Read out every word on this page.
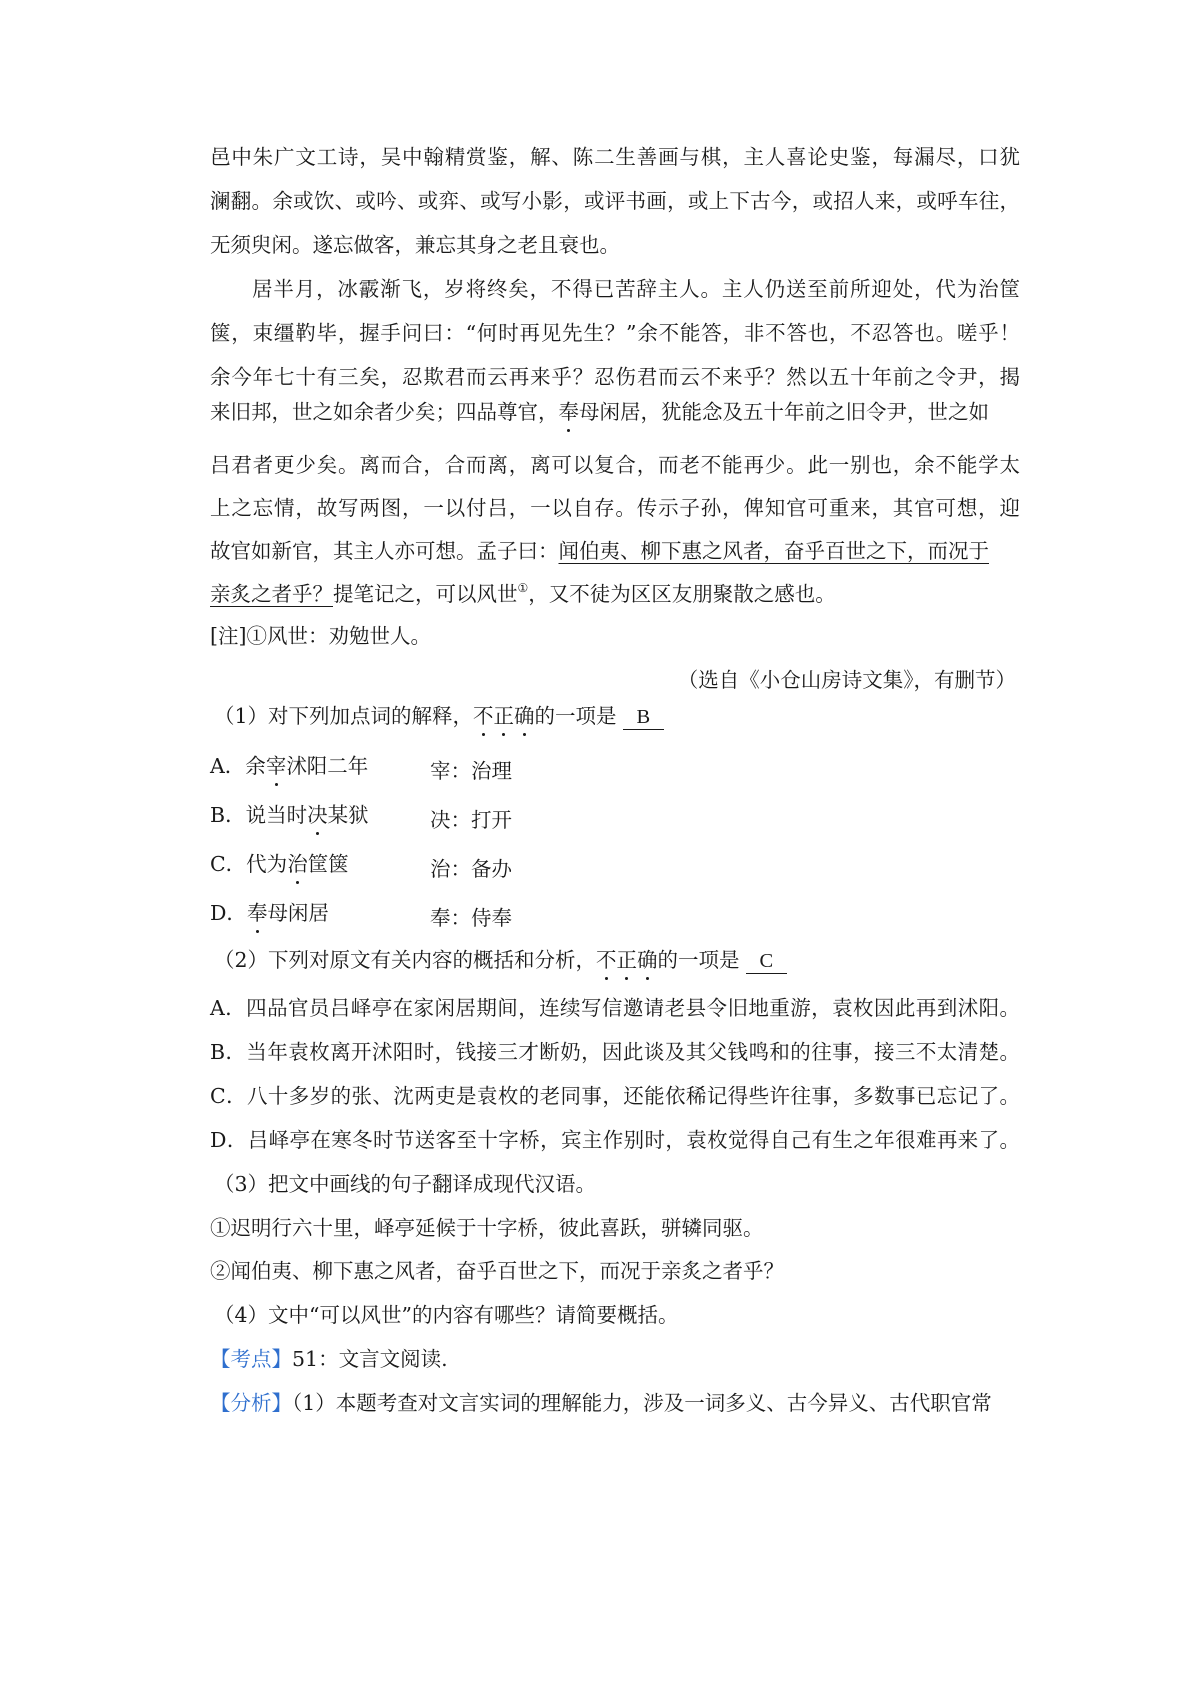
邑中朱广文工诗，吴中翰精赏鉴，解、陈二生善画与棋，主人喜论史鉴，每漏尽，口犹
澜翻。余或饮、或吟、或弈、或写小影，或评书画，或上下古今，或招人来，或呼车往，
无须臾闲。遂忘做客，兼忘其身之老且衰也。
居半月，冰霰渐飞，岁将终矣，不得已苦辞主人。主人仍送至前所迎处，代为治筐
箧，束缰靮毕，握手问曰：“何时再见先生？”余不能答，非不答也，不忍答也。嗟乎！
余今年七十有三矣，忍欺君而云再来乎？忍伤君而云不来乎？然以五十年前之令尹，揭
来旧邦，世之如余者少矣；四品尊官，奉母闲居，犹能念及五十年前之旧令尹，世之如
吕君者更少矣。离而合，合而离，离可以复合，而老不能再少。此一别也，余不能学太
上之忘情，故写两图，一以付吕，一以自存。传示子孙，俾知官可重来，其官可想，迎
故官如新官，其主人亦可想。孟子曰：闻伯夷、柳下惠之风者，奋乎百世之下，而况于
亲炙之者乎？提笔记之，可以风世①，又不徒为区区友朋聚散之感也。
[注]①风世：劝勉世人。
（选自《小仓山房诗文集》，有删节）
（1）对下列加点词的解释，不正确的一项是 B
A．余宰沭阳二年	宰：治理
B．说当时决某狱	决：打开
C．代为治筐箧	治：备办
D．奉母闲居	奉：侍奉
（2）下列对原文有关内容的概括和分析，不正确的一项是 C
A．四品官员吕峄亭在家闲居期间，连续写信邀请老县令旧地重游，袁枚因此再到沭阳。
B．当年袁枚离开沭阳时，钱接三才断奶，因此谈及其父钱鸣和的往事，接三不太清楚。
C．八十多岁的张、沈两吏是袁枚的老同事，还能依稀记得些许往事，多数事已忘记了。
D．吕峄亭在寒冬时节送客至十字桥，宾主作别时，袁枚觉得自己有生之年很难再来了。
（3）把文中画线的句子翻译成现代汉语。
①迟明行六十里，峄亭延候于十字桥，彼此喜跃，骈辚同驱。
②闻伯夷、柳下惠之风者，奋乎百世之下，而况于亲炙之者乎？
（4）文中“可以风世”的内容有哪些？请简要概括。
【考点】51：文言文阅读.
【分析】（1）本题考查对文言实词的理解能力，涉及一词多义、古今异义、古代职官常
